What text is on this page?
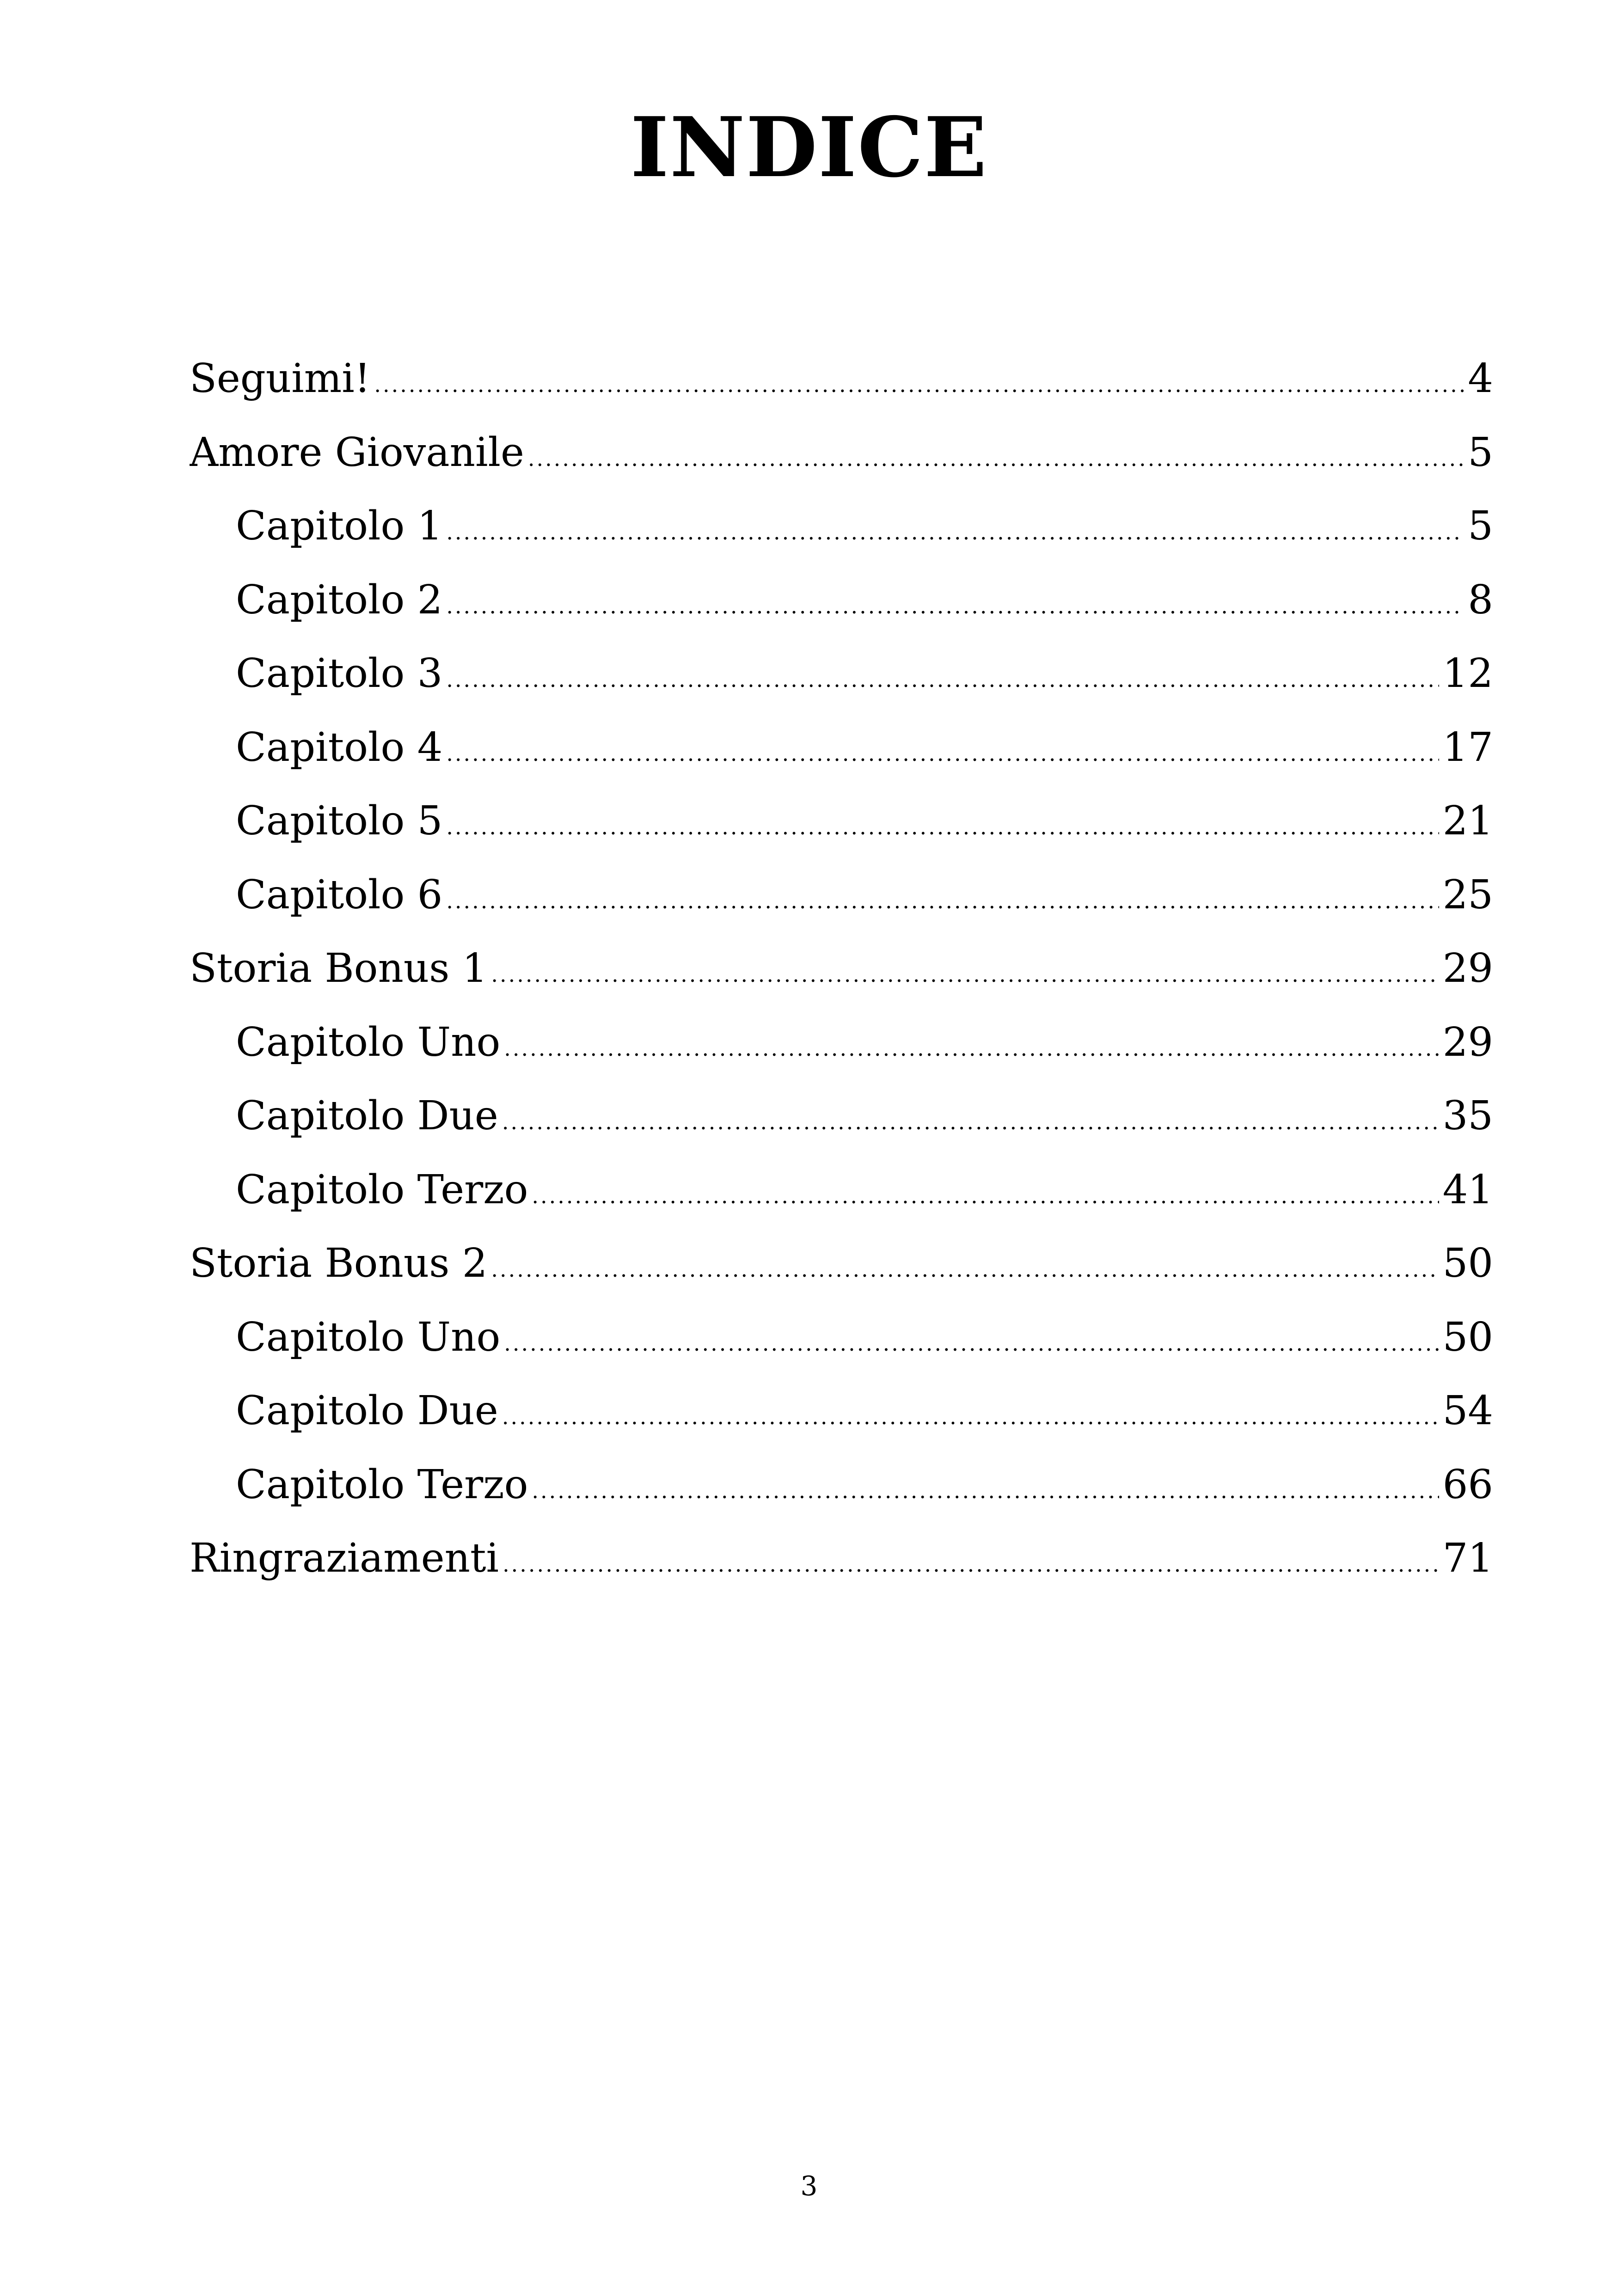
INDICE
Seguimi! .....	4
Amore Giovanile .....	5
Capitolo 1 .....	5
Capitolo 2 .....	8
Capitolo 3 .....	12
Capitolo 4 .....	17
Capitolo 5 .....	21
Capitolo 6 .....	25
Storia Bonus 1 .....	29
Capitolo Uno .....	29
Capitolo Due .....	35
Capitolo Terzo .....	41
Storia Bonus 2 .....	50
Capitolo Uno .....	50
Capitolo Due .....	54
Capitolo Terzo .....	66
Ringraziamenti .....	71
3
